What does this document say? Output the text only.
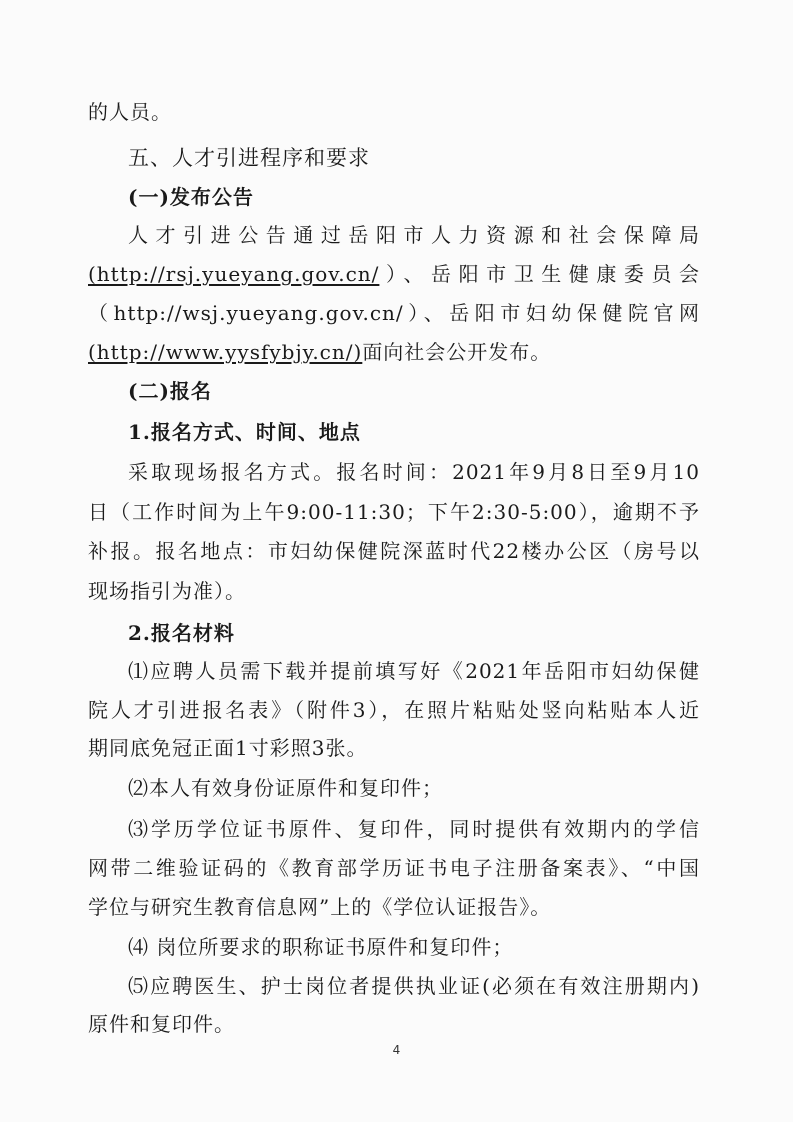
的人员。
五、人才引进程序和要求
(一)发布公告
人才引进公告通过岳阳市人力资源和社会保障局
(http://rsj.yueyang.gov.cn/）、岳阳市卫生健康委员会
（http://wsj.yueyang.gov.cn/）、岳阳市妇幼保健院官网
(http://www.yysfybjy.cn/)面向社会公开发布。
(二)报名
1.报名方式、时间、地点
采取现场报名方式。报名时间：2021年9月8日至9月10
日（工作时间为上午9:00-11:30；下午2:30-5:00），逾期不予
补报。报名地点：市妇幼保健院深蓝时代22楼办公区（房号以
现场指引为准）。
2.报名材料
⑴应聘人员需下载并提前填写好《2021年岳阳市妇幼保健
院人才引进报名表》（附件3），在照片粘贴处竖向粘贴本人近
期同底免冠正面1寸彩照3张。
⑵本人有效身份证原件和复印件；
⑶学历学位证书原件、复印件，同时提供有效期内的学信
网带二维验证码的《教育部学历证书电子注册备案表》、“中国
学位与研究生教育信息网”上的《学位认证报告》。
⑷ 岗位所要求的职称证书原件和复印件；
⑸应聘医生、护士岗位者提供执业证(必须在有效注册期内)
原件和复印件。
4
